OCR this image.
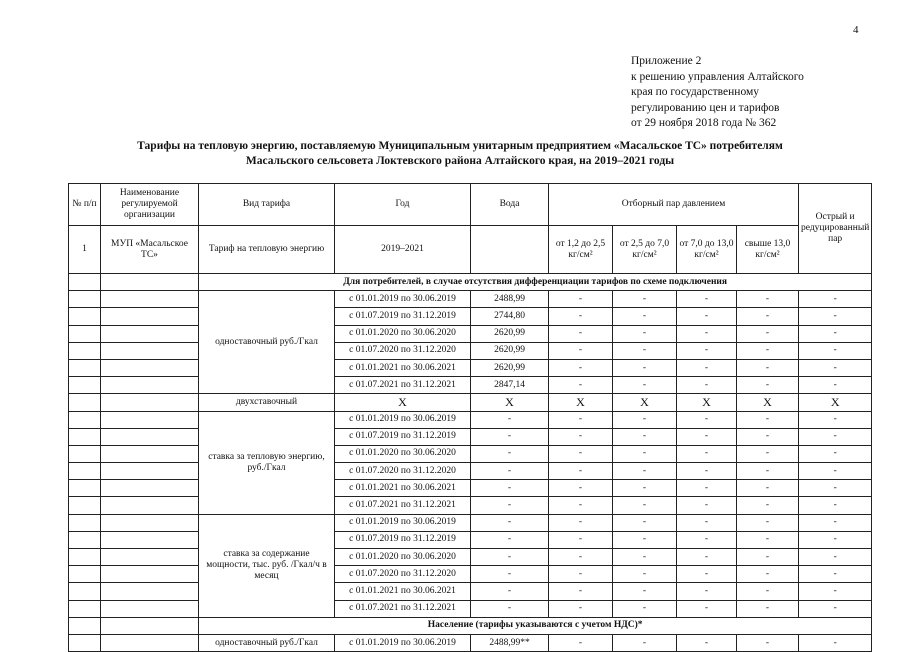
4
Приложение 2
к решению управления Алтайского
края по государственному
регулированию цен и тарифов
от 29 ноября 2018 года № 362
Тарифы на тепловую энергию, поставляемую Муниципальным унитарным предприятием «Масальское ТС» потребителям
Масальского сельсовета Локтевского района Алтайского края, на 2019–2021 годы
№ п/п	Наименование регулируемой организации	Вид тарифа	Год	Вода	Отборный пар давлением				Острый и редуцированный пар
1	МУП «Масальское ТС»	Тариф на тепловую энергию	2019–2021		от 1,2 до 2,5 кг/см²	от 2,5 до 7,0 кг/см²	от 7,0 до 13,0 кг/см²	свыше 13,0 кг/см²	
		Для потребителей, в случае отсутствия дифференциации тарифов по схеме подключения							
		одноставочный руб./Гкал	с 01.01.2019 по 30.06.2019	2488,99	-	-	-	-	-
			с 01.07.2019 по 31.12.2019	2744,80	-	-	-	-	-
			с 01.01.2020 по 30.06.2020	2620,99	-	-	-	-	-
			с 01.07.2020 по 31.12.2020	2620,99	-	-	-	-	-
			с 01.01.2021 по 30.06.2021	2620,99	-	-	-	-	-
			с 01.07.2021 по 31.12.2021	2847,14	-	-	-	-	-
		двухставочный	X	X	X	X	X	X	X
		ставка за тепловую энергию, руб./Гкал	с 01.01.2019 по 30.06.2019	-	-	-	-	-	-
			с 01.07.2019 по 31.12.2019	-	-	-	-	-	-
			с 01.01.2020 по 30.06.2020	-	-	-	-	-	-
			с 01.07.2020 по 31.12.2020	-	-	-	-	-	-
			с 01.01.2021 по 30.06.2021	-	-	-	-	-	-
			с 01.07.2021 по 31.12.2021	-	-	-	-	-	-
		ставка за содержание мощности, тыс. руб. /Гкал/ч в месяц	с 01.01.2019 по 30.06.2019	-	-	-	-	-	-
			с 01.07.2019 по 31.12.2019	-	-	-	-	-	-
			с 01.01.2020 по 30.06.2020	-	-	-	-	-	-
			с 01.07.2020 по 31.12.2020	-	-	-	-	-	-
			с 01.01.2021 по 30.06.2021	-	-	-	-	-	-
			с 01.07.2021 по 31.12.2021	-	-	-	-	-	-
		Население (тарифы указываются с учетом НДС)*							
		одноставочный руб./Гкал	с 01.01.2019 по 30.06.2019	2488,99**	-	-	-	-	-
